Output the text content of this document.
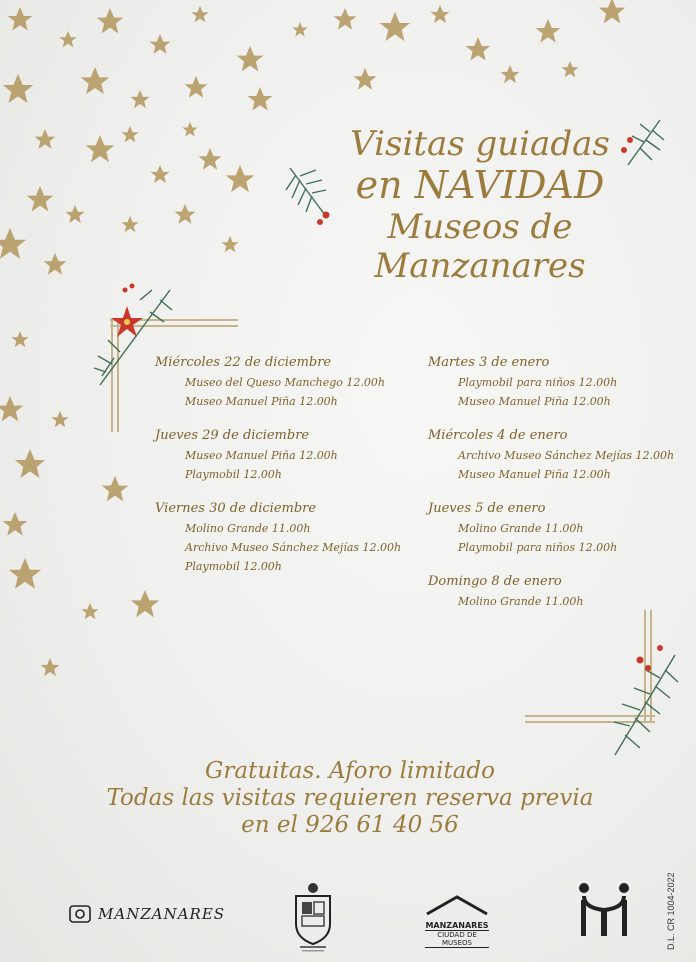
Visitas guiadas
en NAVIDAD
Museos de Manzanares
Miércoles 22 de diciembre
Museo del Queso Manchego 12.00h
Museo Manuel Piña 12.00h
Jueves 29 de diciembre
Museo Manuel Piña 12.00h
Playmobil 12.00h
Viernes 30 de diciembre
Molino Grande 11.00h
Archivo Museo Sánchez Mejías 12.00h
Playmobil 12.00h
Martes 3 de enero
Playmobil para niños 12.00h
Museo Manuel Piña 12.00h
Miércoles 4 de enero
Archivo Museo Sánchez Mejías 12.00h
Museo Manuel Piña 12.00h
Jueves 5 de enero
Molino Grande 11.00h
Playmobil para niños 12.00h
Domingo 8 de enero
Molino Grande 11.00h
Gratuitas. Aforo limitado
Todas las visitas requieren reserva previa
en el 926 61 40 56
MANZANARES
MANZANARES
CIUDAD DE MUSEOS	D.L. CR 1004-2022
